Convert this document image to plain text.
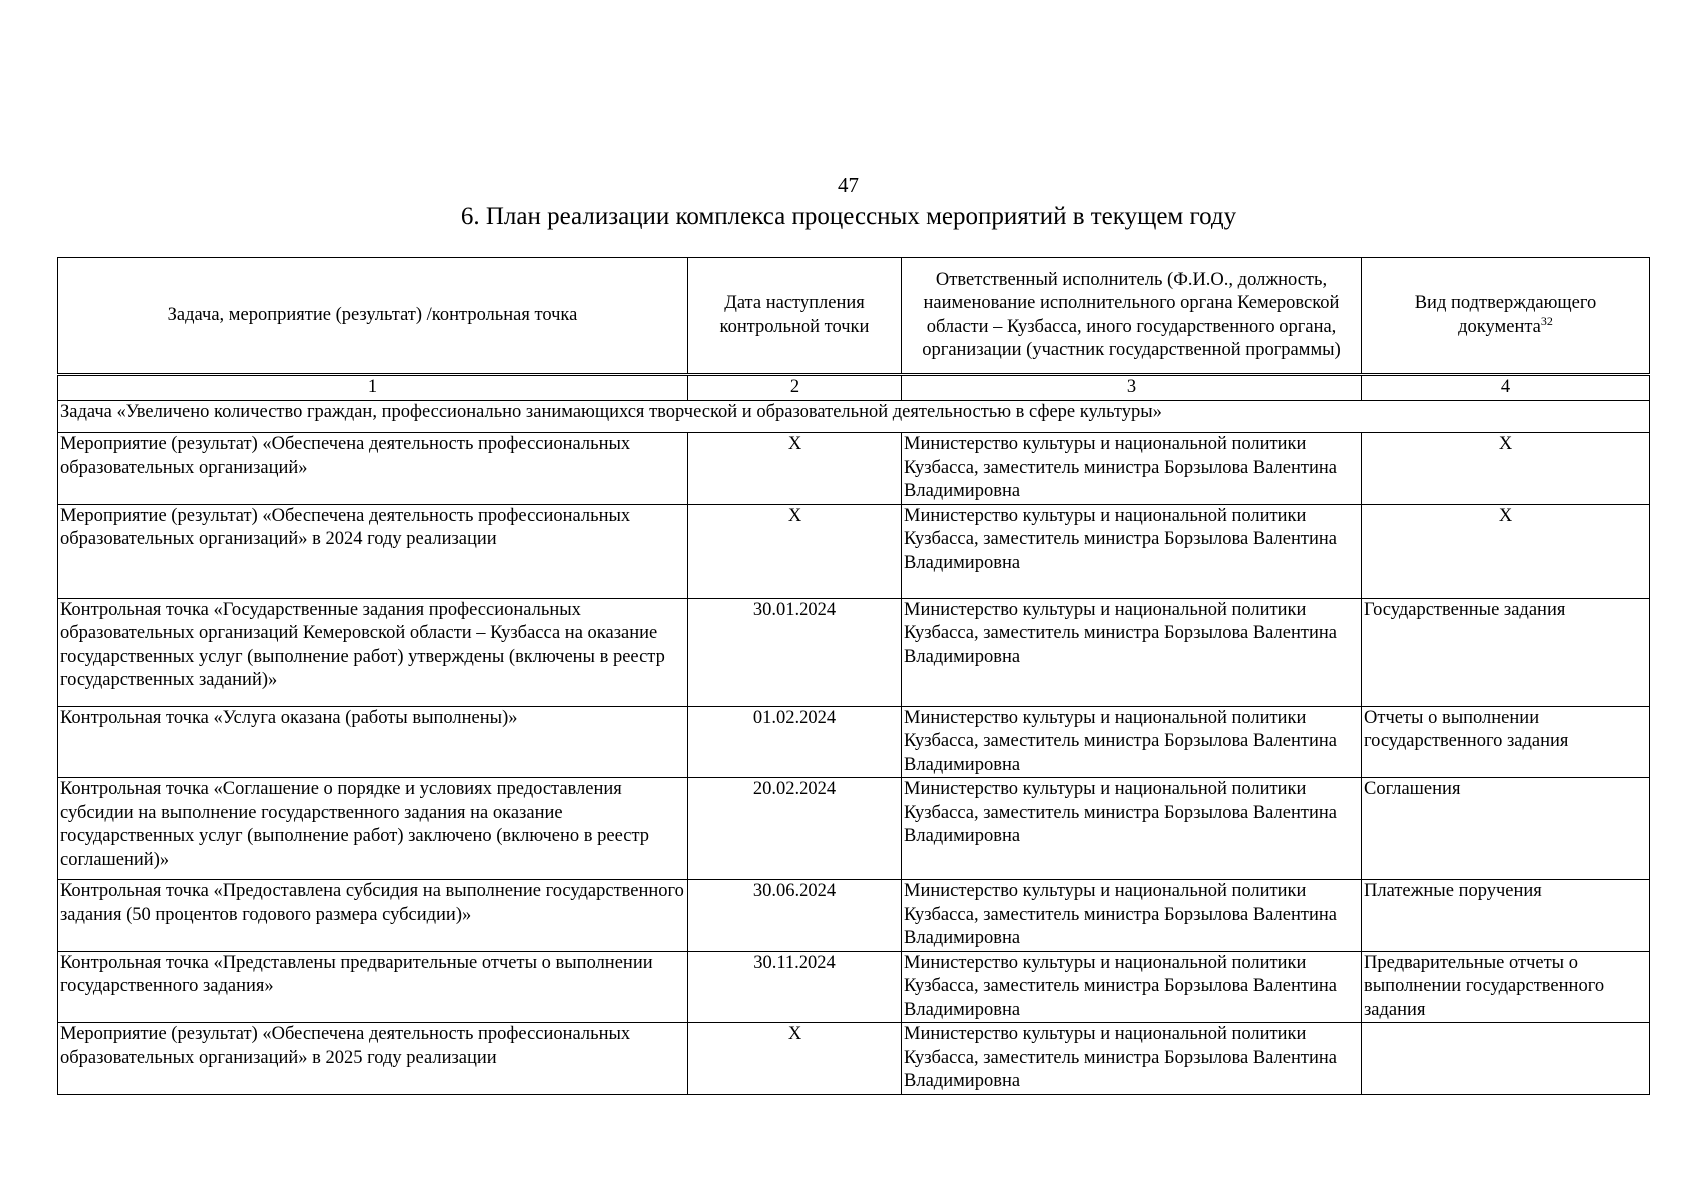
47
6. План реализации комплекса процессных мероприятий в текущем году
Задача, мероприятие (результат) /контрольная точка	Дата наступления контрольной точки	Ответственный исполнитель (Ф.И.О., должность, наименование исполнительного органа Кемеровской области – Кузбасса, иного государственного органа, организации (участник государственной программы)	Вид подтверждающего документа$^{32}$
1	2	3	4
Задача «Увеличено количество граждан, профессионально занимающихся творческой и образовательной деятельностью в сфере культуры»			
Мероприятие (результат) «Обеспечена деятельность профессиональных образовательных организаций»	X	Министерство культуры и национальной политики Кузбасса, заместитель министра Борзылова Валентина Владимировна	X
Мероприятие (результат) «Обеспечена деятельность профессиональных образовательных организаций» в 2024 году реализации	X	Министерство культуры и национальной политики Кузбасса, заместитель министра Борзылова Валентина Владимировна	X
Контрольная точка «Государственные задания профессиональных образовательных организаций Кемеровской области – Кузбасса на оказание государственных услуг (выполнение работ) утверждены (включены в реестр государственных заданий)»	30.01.2024	Министерство культуры и национальной политики Кузбасса, заместитель министра Борзылова Валентина Владимировна	Государственные задания
Контрольная точка «Услуга оказана (работы выполнены)»	01.02.2024	Министерство культуры и национальной политики Кузбасса, заместитель министра Борзылова Валентина Владимировна	Отчеты о выполнении государственного задания
Контрольная точка «Соглашение о порядке и условиях предоставления субсидии на выполнение государственного задания на оказание государственных услуг (выполнение работ) заключено (включено в реестр соглашений)»	20.02.2024	Министерство культуры и национальной политики Кузбасса, заместитель министра Борзылова Валентина Владимировна	Соглашения
Контрольная точка «Предоставлена субсидия на выполнение государственного задания (50 процентов годового размера субсидии)»	30.06.2024	Министерство культуры и национальной политики Кузбасса, заместитель министра Борзылова Валентина Владимировна	Платежные поручения
Контрольная точка «Представлены предварительные отчеты о выполнении государственного задания»	30.11.2024	Министерство культуры и национальной политики Кузбасса, заместитель министра Борзылова Валентина Владимировна	Предварительные отчеты о выполнении государственного задания
Мероприятие (результат) «Обеспечена деятельность профессиональных образовательных организаций» в 2025 году реализации	X	Министерство культуры и национальной политики Кузбасса, заместитель министра Борзылова Валентина Владимировна	
